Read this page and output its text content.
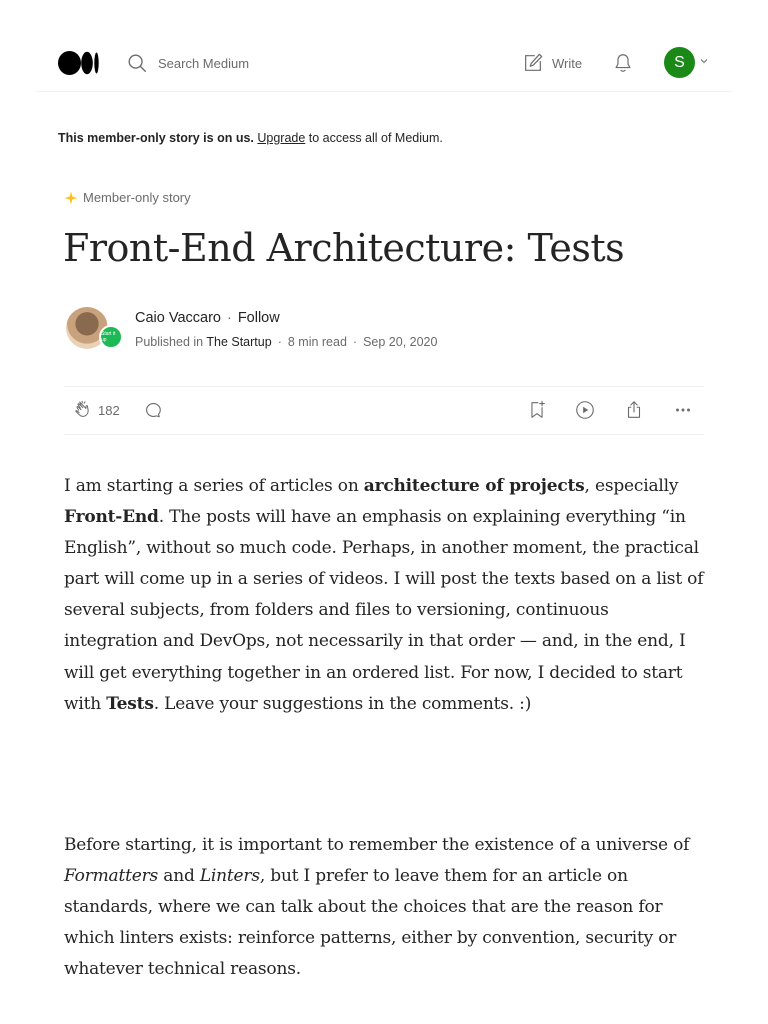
Search Medium	Write	S
This member-only story is on us. Upgrade to access all of Medium.
Member-only story
Front-End Architecture: Tests
Start it up
Caio Vaccaro · Follow
Published in The Startup · 8 min read · Sep 20, 2020
182

I am starting a series of articles on architecture of projects, especially Front-End. The posts will have an emphasis on explaining everything “in English”, without so much code. Perhaps, in another moment, the practical part will come up in a series of videos. I will post the texts based on a list of several subjects, from folders and files to versioning, continuous integration and DevOps, not necessarily in that order — and, in the end, I will get everything together in an ordered list. For now, I decided to start with Tests. Leave your suggestions in the comments. :)

Before starting, it is important to remember the existence of a universe of Formatters and Linters, but I prefer to leave them for an article on standards, where we can talk about the choices that are the reason for which linters exists: reinforce patterns, either by convention, security or whatever technical reasons.
